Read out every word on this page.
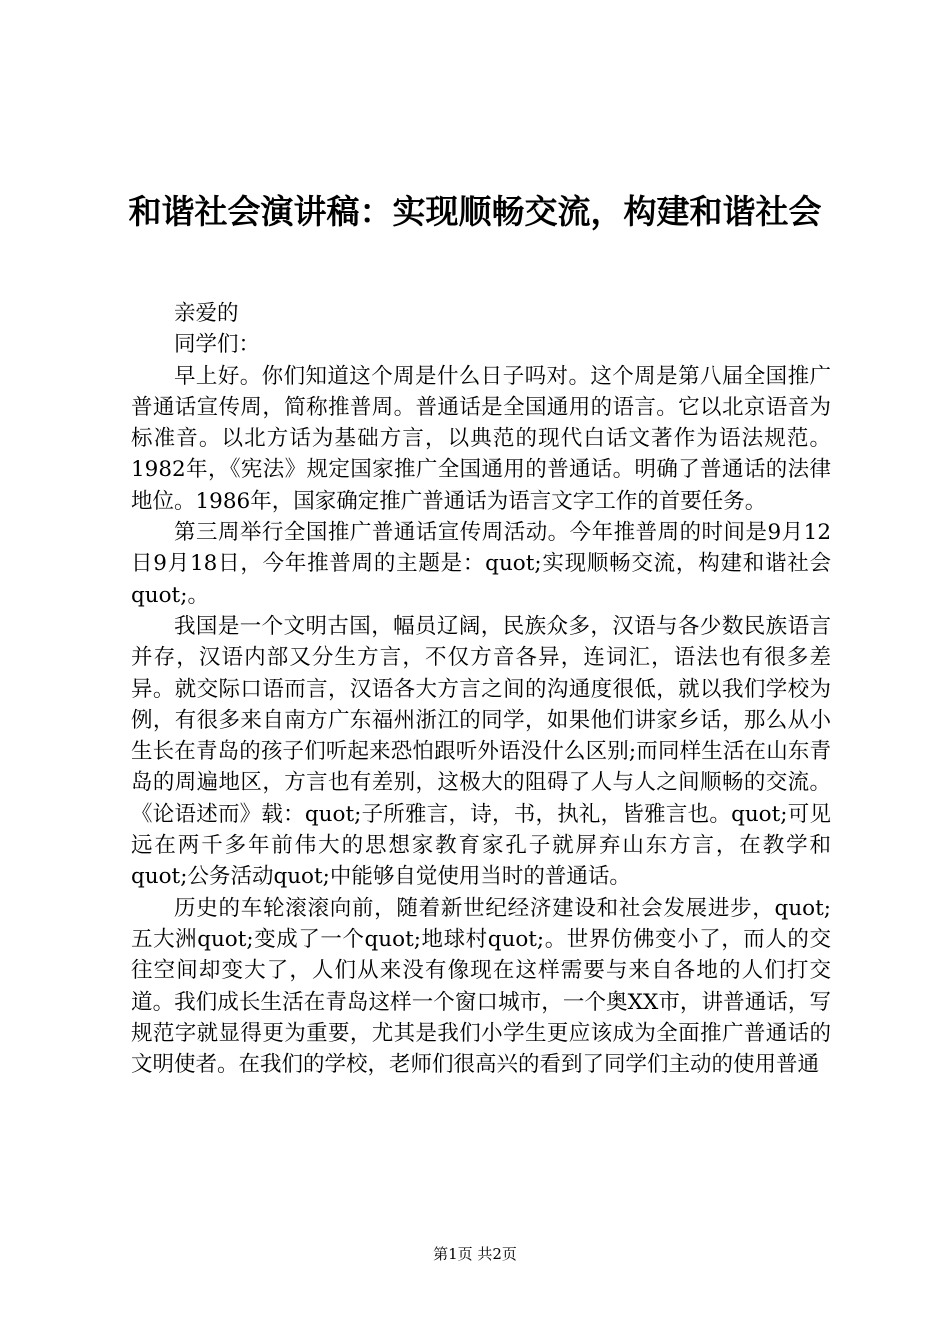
和谐社会演讲稿：实现顺畅交流，构建和谐社会

亲爱的

同学们：

早上好。你们知道这个周是什么日子吗对。这个周是第八届全国推广普通话宣传周，简称推普周。普通话是全国通用的语言。它以北京语音为标准音。以北方话为基础方言，以典范的现代白话文著作为语法规范。1982年，《宪法》规定国家推广全国通用的普通话。明确了普通话的法律地位。1986年，国家确定推广普通话为语言文字工作的首要任务。

第三周举行全国推广普通话宣传周活动。今年推普周的时间是9月12日9月18日，今年推普周的主题是：quot;实现顺畅交流，构建和谐社会quot;。

我国是一个文明古国，幅员辽阔，民族众多，汉语与各少数民族语言并存，汉语内部又分生方言，不仅方音各异，连词汇，语法也有很多差异。就交际口语而言，汉语各大方言之间的沟通度很低，就以我们学校为例，有很多来自南方广东福州浙江的同学，如果他们讲家乡话，那么从小生长在青岛的孩子们听起来恐怕跟听外语没什么区别;而同样生活在山东青岛的周遍地区，方言也有差别，这极大的阻碍了人与人之间顺畅的交流。《论语述而》载：quot;子所雅言，诗，书，执礼，皆雅言也。quot;可见远在两千多年前伟大的思想家教育家孔子就屏弃山东方言，在教学和quot;公务活动quot;中能够自觉使用当时的普通话。

历史的车轮滚滚向前，随着新世纪经济建设和社会发展进步，quot;五大洲quot;变成了一个quot;地球村quot;。世界仿佛变小了，而人的交往空间却变大了，人们从来没有像现在这样需要与来自各地的人们打交道。我们成长生活在青岛这样一个窗口城市，一个奥XX市，讲普通话，写规范字就显得更为重要，尤其是我们小学生更应该成为全面推广普通话的文明使者。在我们的学校，老师们很高兴的看到了同学们主动的使用普通

第1页 共2页
